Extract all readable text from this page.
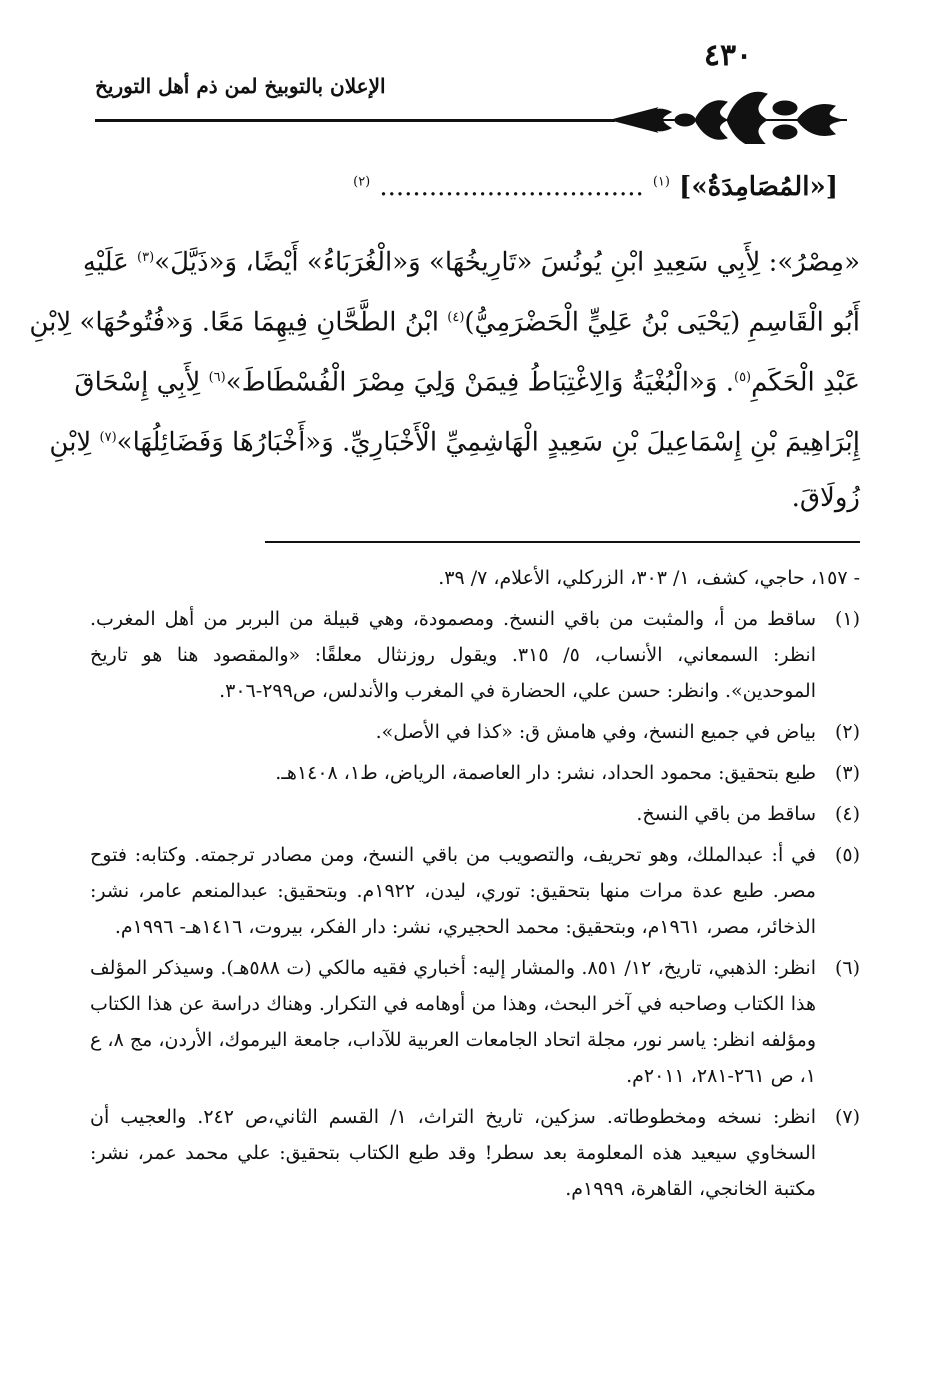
٤٣٠
الإعلان بالتوبيخ لمن ذم أهل التوريخ
[«المُصَامِدَةُ»] $^{(١)}$ ................................ $^{(٢)}$
«مِصْرُ»: لِأَبِي سَعِيدِ ابْنِ يُونُسَ «تَارِيخُهَا» وَ«الْغُرَبَاءُ» أَيْضًا، وَ«ذَيَّلَ»$^{(٣)}$ عَلَيْهِ
أَبُو الْقَاسِمِ (يَحْيَى بْنُ عَلِيٍّ الْحَضْرَمِيُّ)$^{(٤)}$ ابْنُ الطَّحَّانِ فِيهِمَا مَعًا. وَ«فُتُوحُهَا» لِابْنِ
عَبْدِ الْحَكَمِ$^{(٥)}$. وَ«الْبُغْيَةُ وَالِاغْتِبَاطُ فِيمَنْ وَلِيَ مِصْرَ الْفُسْطَاطَ»$^{(٦)}$ لِأَبِي إِسْحَاقَ
إِبْرَاهِيمَ بْنِ إِسْمَاعِيلَ بْنِ سَعِيدٍ الْهَاشِمِيِّ الْأَخْبَارِيِّ. وَ«أَخْبَارُهَا وَفَضَائِلُهَا»$^{(٧)}$ لِابْنِ
زُولَاقَ.
- ١٥٧، حاجي، كشف، ١/ ٣٠٣، الزركلي، الأعلام، ٧/ ٣٩.
(١)
ساقط من أ، والمثبت من باقي النسخ. ومصمودة، وهي قبيلة من البربر من أهل المغرب. انظر: السمعاني، الأنساب، ٥/ ٣١٥. ويقول روزنثال معلقًا: «والمقصود هنا هو تاريخ الموحدين». وانظر: حسن علي، الحضارة في المغرب والأندلس، ص٢٩٩-٣٠٦.
(٢)
بياض في جميع النسخ، وفي هامش ق: «كذا في الأصل».
(٣)
طبع بتحقيق: محمود الحداد، نشر: دار العاصمة، الرياض، ط١، ١٤٠٨هـ.
(٤)
ساقط من باقي النسخ.
(٥)
في أ: عبدالملك، وهو تحريف، والتصويب من باقي النسخ، ومن مصادر ترجمته. وكتابه: فتوح مصر. طبع عدة مرات منها بتحقيق: توري، ليدن، ١٩٢٢م. وبتحقيق: عبدالمنعم عامر، نشر: الذخائر، مصر، ١٩٦١م، وبتحقيق: محمد الحجيري، نشر: دار الفكر، بيروت، ١٤١٦هـ- ١٩٩٦م.
(٦)
انظر: الذهبي، تاريخ، ١٢/ ٨٥١. والمشار إليه: أخباري فقيه مالكي (ت ٥٨٨هـ). وسيذكر المؤلف هذا الكتاب وصاحبه في آخر البحث، وهذا من أوهامه في التكرار. وهناك دراسة عن هذا الكتاب ومؤلفه انظر: ياسر نور، مجلة اتحاد الجامعات العربية للآداب، جامعة اليرموك، الأردن، مج ٨، ع ١، ص ٢٦١-٢٨١، ٢٠١١م.
(٧)
انظر: نسخه ومخطوطاته. سزكين، تاريخ التراث، ١/ القسم الثاني،ص ٢٤٢. والعجيب أن السخاوي سيعيد هذه المعلومة بعد سطر! وقد طبع الكتاب بتحقيق: علي محمد عمر، نشر: مكتبة الخانجي، القاهرة، ١٩٩٩م.
